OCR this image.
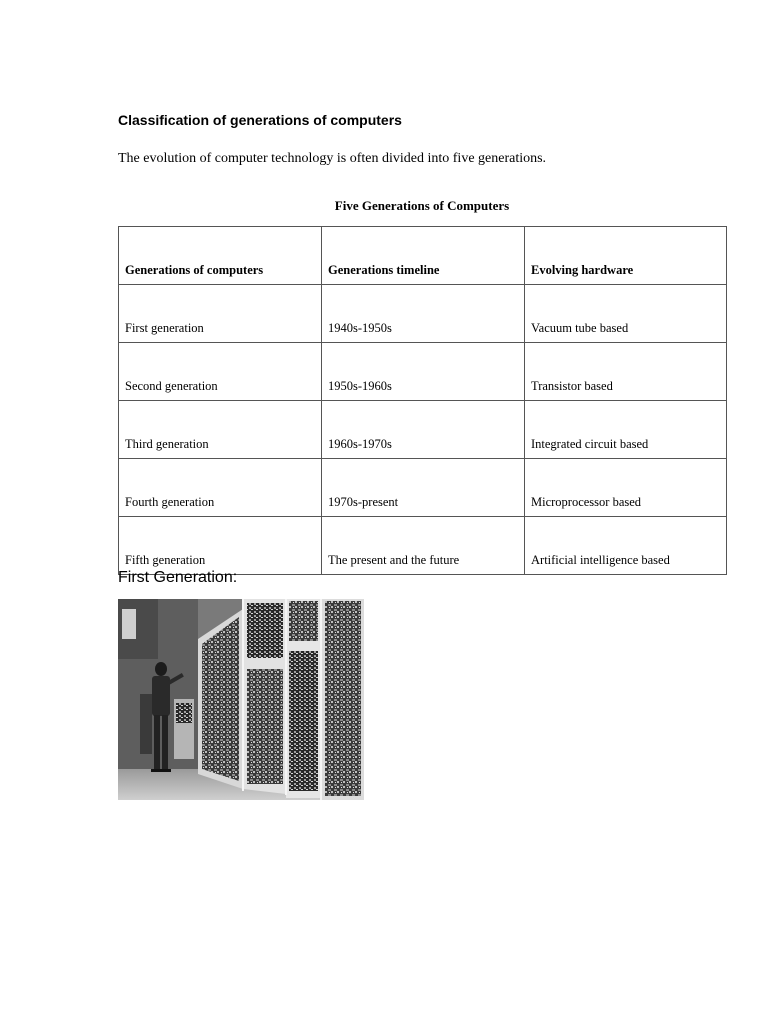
Classification of generations of computers
The evolution of computer technology is often divided into five generations.
Five Generations of Computers
Generations of computers	Generations timeline	Evolving hardware
First generation	1940s-1950s	Vacuum tube based
Second generation	1950s-1960s	Transistor based
Third generation	1960s-1970s	Integrated circuit based
Fourth generation	1970s-present	Microprocessor based
Fifth generation	The present and the future	Artificial intelligence based
First Generation:
